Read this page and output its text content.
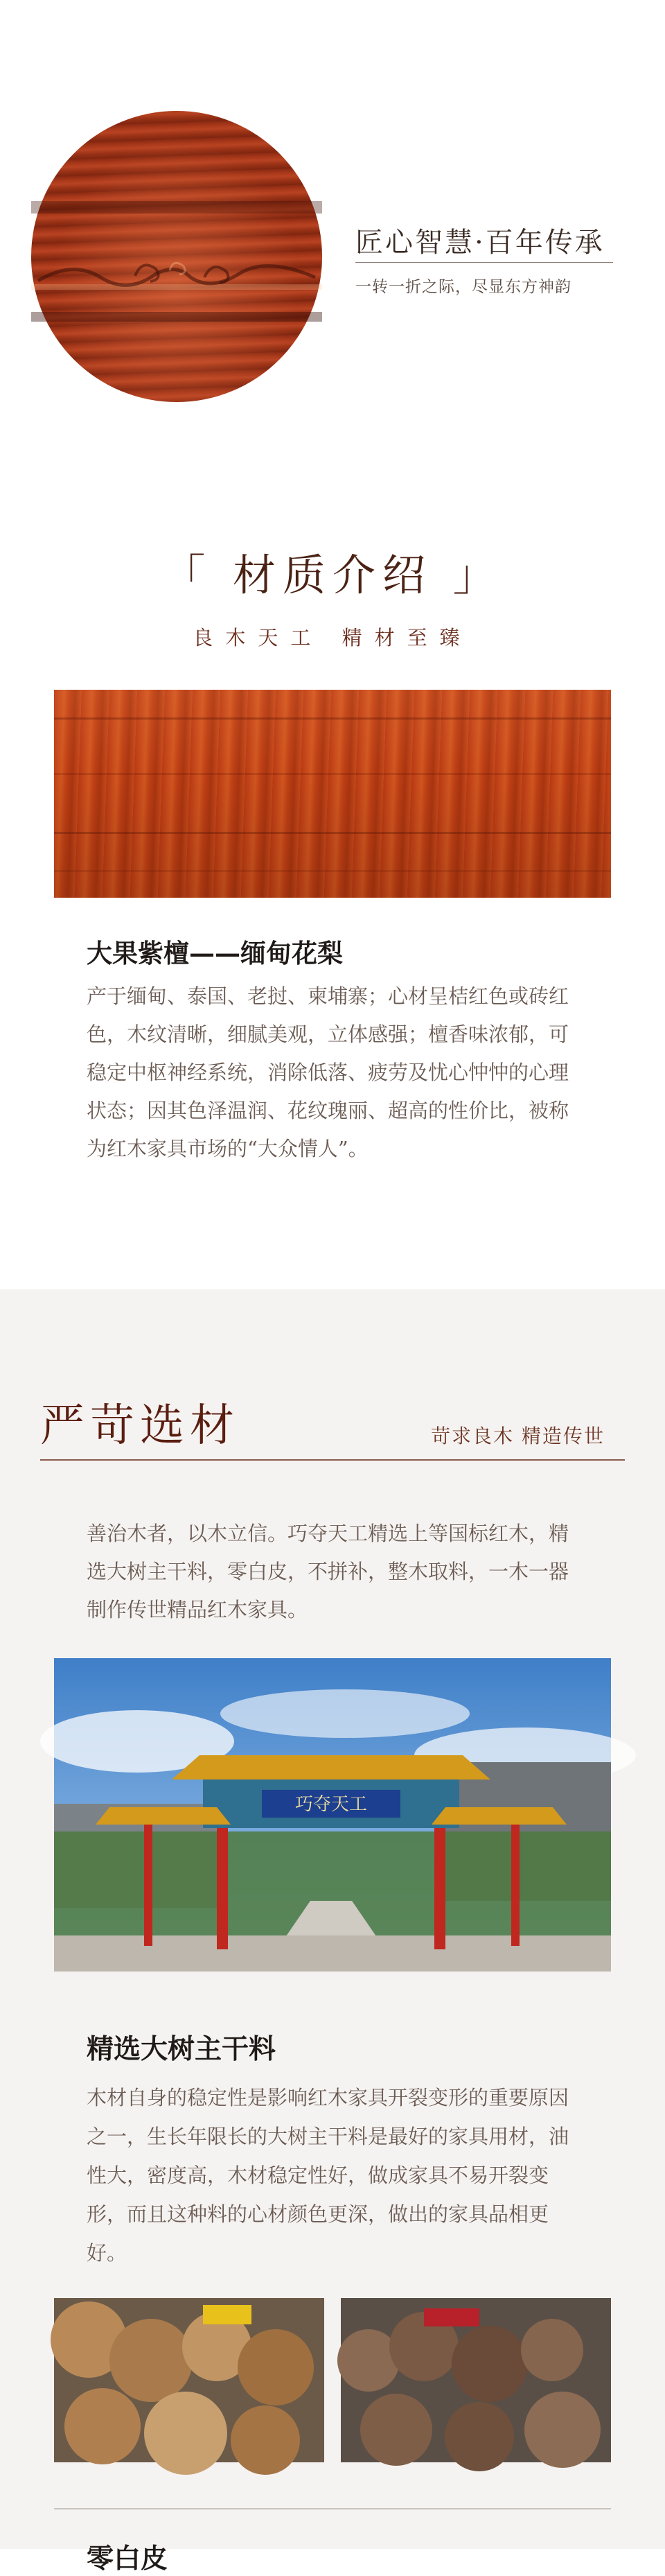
匠心智慧·百年传承
一转一折之际，尽显东方神韵
「 材质介绍 」
良木天工 精材至臻
大果紫檀——缅甸花梨
产于缅甸、泰国、老挝、柬埔寨；心材呈桔红色或砖红色，木纹清晰，细腻美观，立体感强；檀香味浓郁，可稳定中枢神经系统，消除低落、疲劳及忧心忡忡的心理状态；因其色泽温润、花纹瑰丽、超高的性价比，被称为红木家具市场的“大众情人”。
严苛选材	苛求良木 精造传世
善治木者，以木立信。巧夺天工精选上等国标红木，精选大树主干料，零白皮，不拼补，整木取料，一木一器制作传世精品红木家具。
巧夺天工
精选大树主干料
木材自身的稳定性是影响红木家具开裂变形的重要原因之一，生长年限长的大树主干料是最好的家具用材，油性大，密度高，木材稳定性好，做成家具不易开裂变形，而且这种料的心材颜色更深，做出的家具品相更好。
零白皮
